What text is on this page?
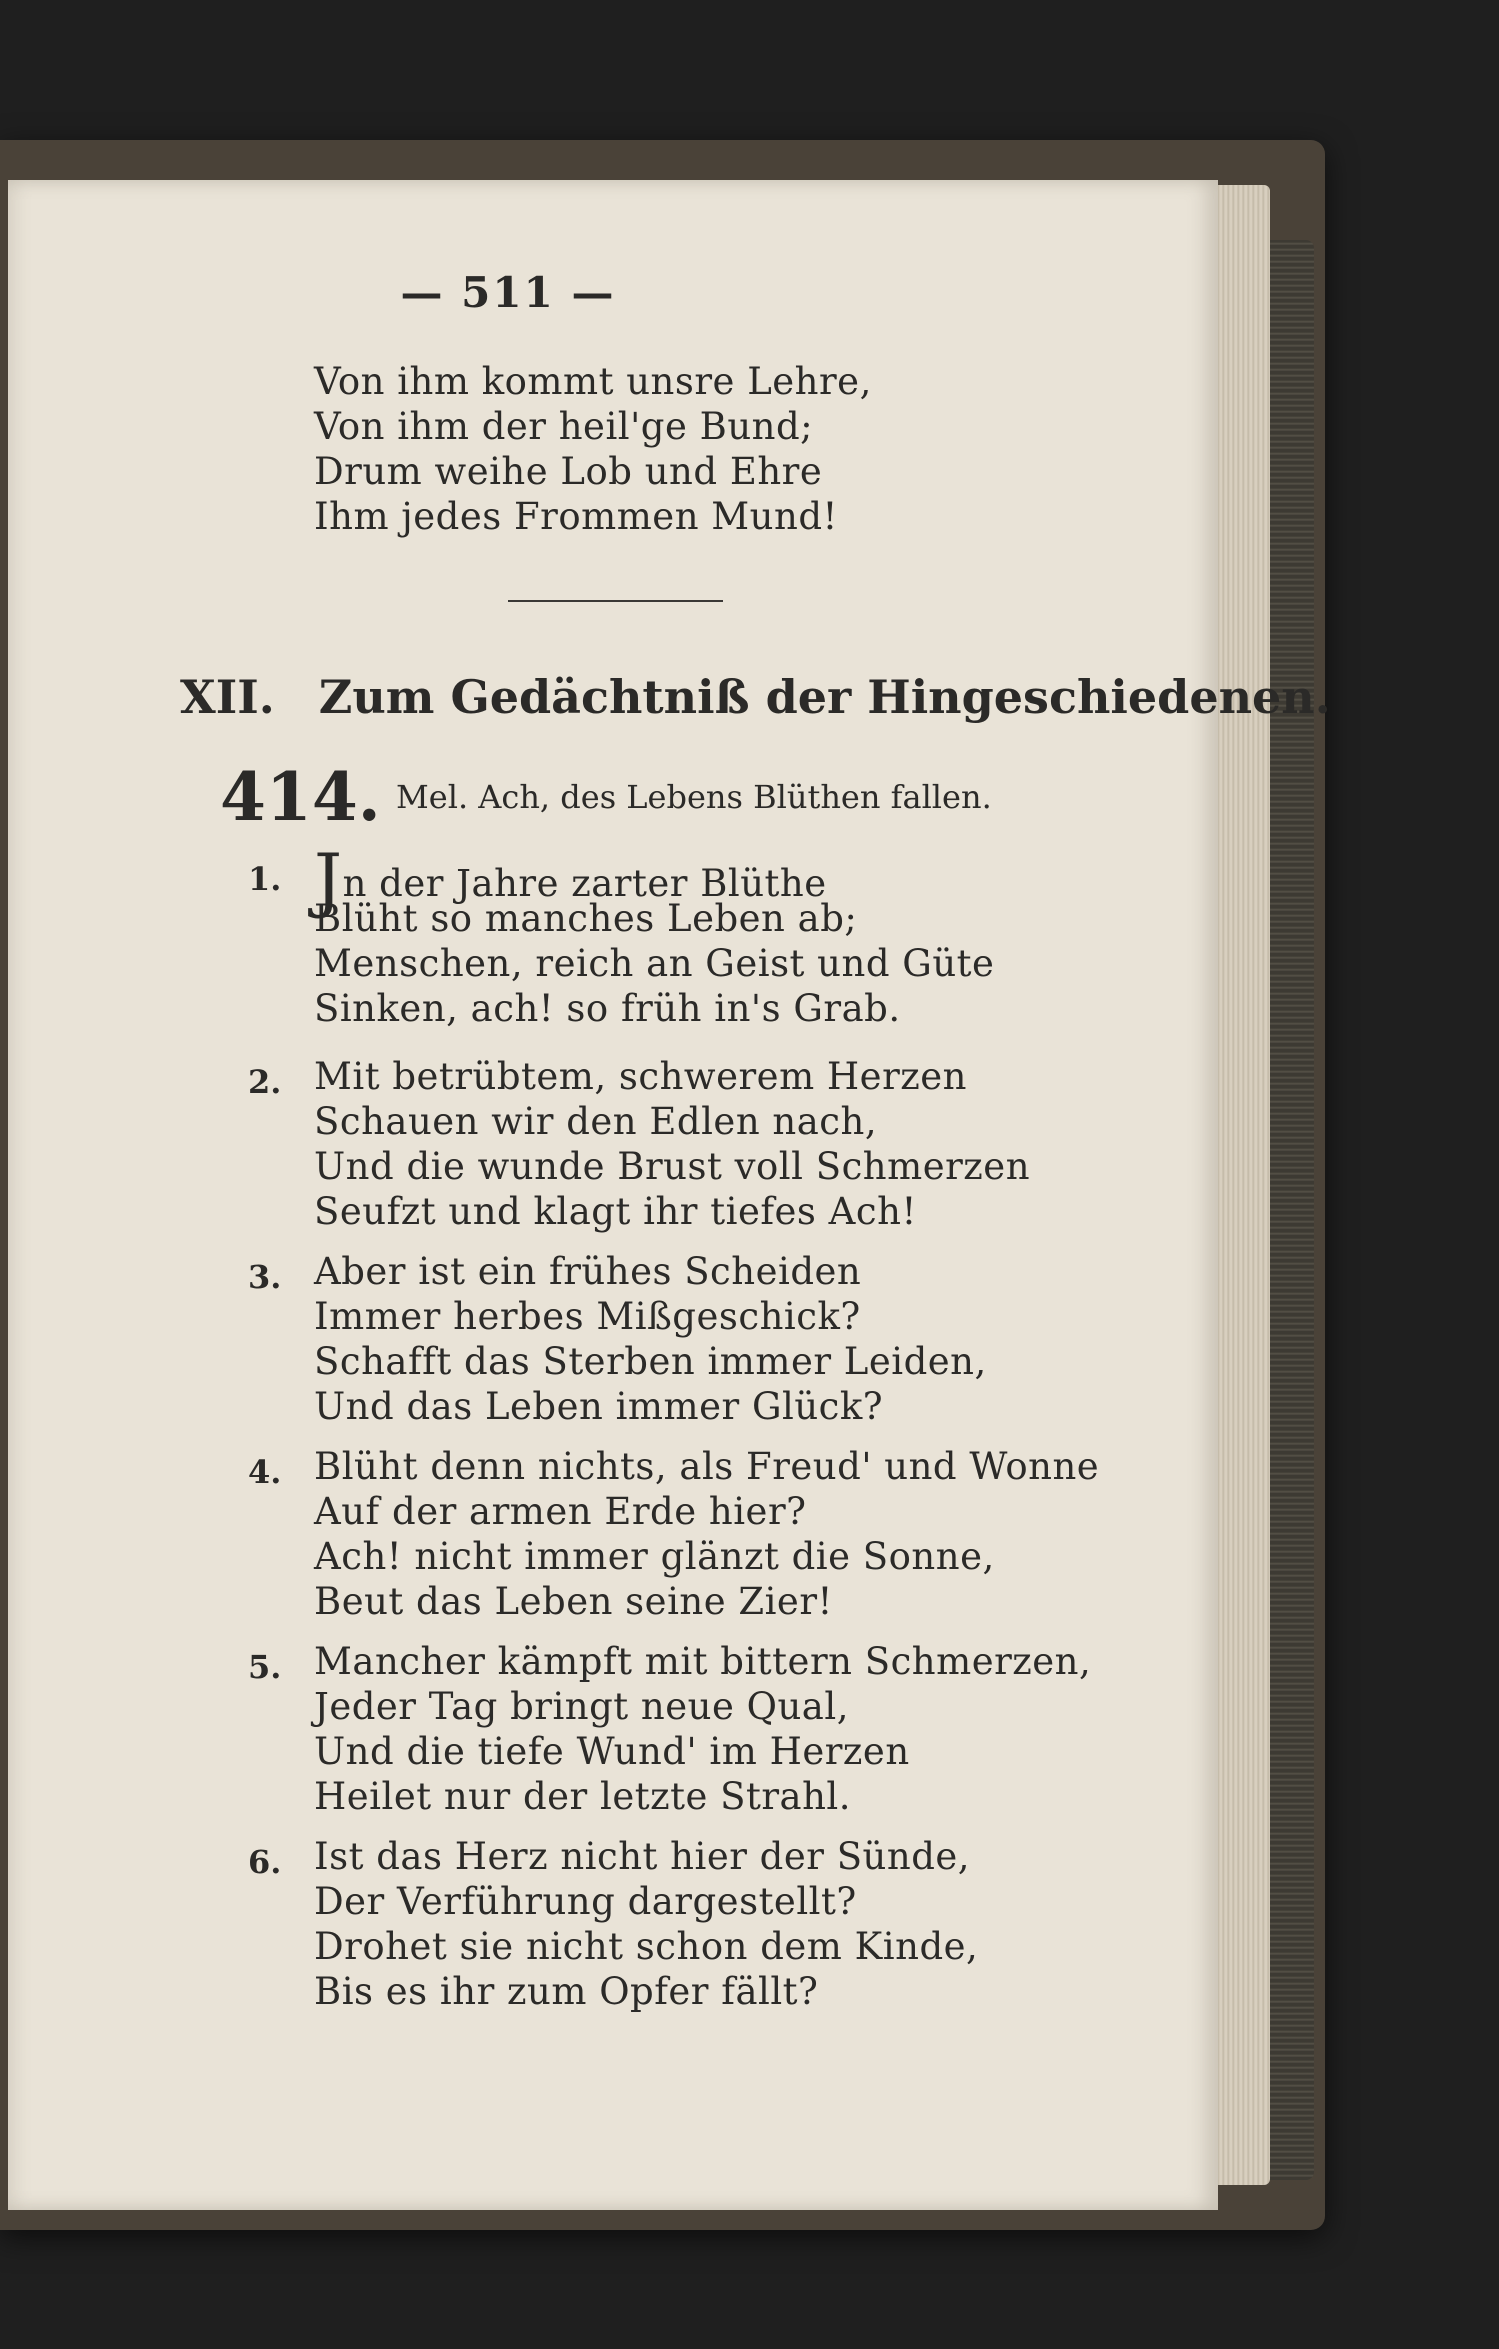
— 511 —
Von ihm kommt unsre Lehre,
Von ihm der heil'ge Bund;
Drum weihe Lob und Ehre
Ihm jedes Frommen Mund!
XII. Zum Gedächtniß der Hingeschiedenen.
414. Mel. Ach, des Lebens Blüthen fallen.
1. Jn der Jahre zarter Blüthe
Blüht so manches Leben ab;
Menschen, reich an Geist und Güte
Sinken, ach! so früh in's Grab.
2. Mit betrübtem, schwerem Herzen
Schauen wir den Edlen nach,
Und die wunde Brust voll Schmerzen
Seufzt und klagt ihr tiefes Ach!
3. Aber ist ein frühes Scheiden
Immer herbes Mißgeschick?
Schafft das Sterben immer Leiden,
Und das Leben immer Glück?
4. Blüht denn nichts, als Freud' und Wonne
Auf der armen Erde hier?
Ach! nicht immer glänzt die Sonne,
Beut das Leben seine Zier!
5. Mancher kämpft mit bittern Schmerzen,
Jeder Tag bringt neue Qual,
Und die tiefe Wund' im Herzen
Heilet nur der letzte Strahl.
6. Ist das Herz nicht hier der Sünde,
Der Verführung dargestellt?
Drohet sie nicht schon dem Kinde,
Bis es ihr zum Opfer fällt?
